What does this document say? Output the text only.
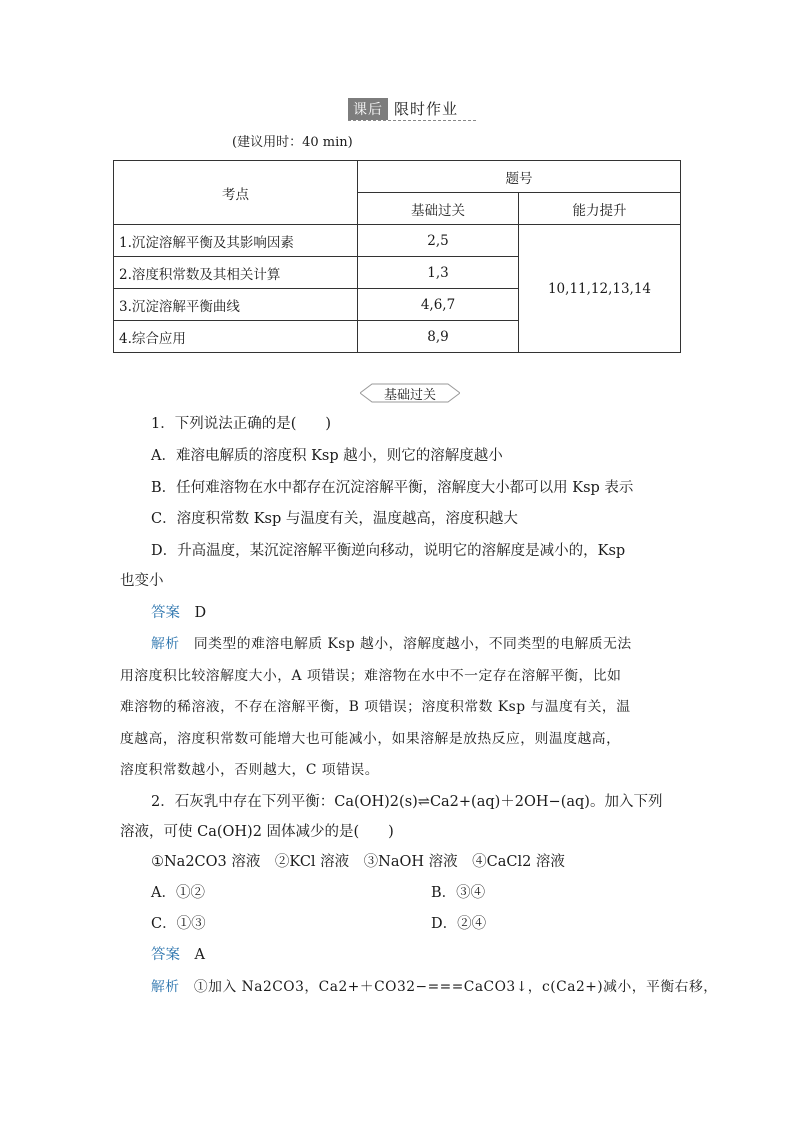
课后 限时作业
(建议用时：40 min)
考点	题号	
	基础过关	能力提升
1.沉淀溶解平衡及其影响因素	2,5	10,11,12,13,14
2.溶度积常数及其相关计算	1,3	
3.沉淀溶解平衡曲线	4,6,7	
4.综合应用	8,9	
基础过关
1．下列说法正确的是(　　)
A．难溶电解质的溶度积 Ksp 越小，则它的溶解度越小
B．任何难溶物在水中都存在沉淀溶解平衡，溶解度大小都可以用 Ksp 表示
C．溶度积常数 Ksp 与温度有关，温度越高，溶度积越大
D．升高温度，某沉淀溶解平衡逆向移动，说明它的溶解度是减小的，Ksp
也变小
答案　 D
解析　 同类型的难溶电解质 Ksp 越小，溶解度越小，不同类型的电解质无法
用溶度积比较溶解度大小，A 项错误；难溶物在水中不一定存在溶解平衡，比如
难溶物的稀溶液，不存在溶解平衡，B 项错误；溶度积常数 Ksp 与温度有关，温
度越高，溶度积常数可能增大也可能减小，如果溶解是放热反应，则温度越高，
溶度积常数越小，否则越大，C 项错误。
2．石灰乳中存在下列平衡：Ca(OH)2(s)⇌Ca2+(aq)＋2OH−(aq)。加入下列
溶液，可使 Ca(OH)2 固体减少的是(　　)
①Na2CO3 溶液　②KCl 溶液　③NaOH 溶液　④CaCl2 溶液
A．①②	B．③④
C．①③	D．②④
答案　 A
解析　 ①加入 Na2CO3，Ca2+＋CO32−===CaCO3↓，c(Ca2+)减小，平衡右移，
